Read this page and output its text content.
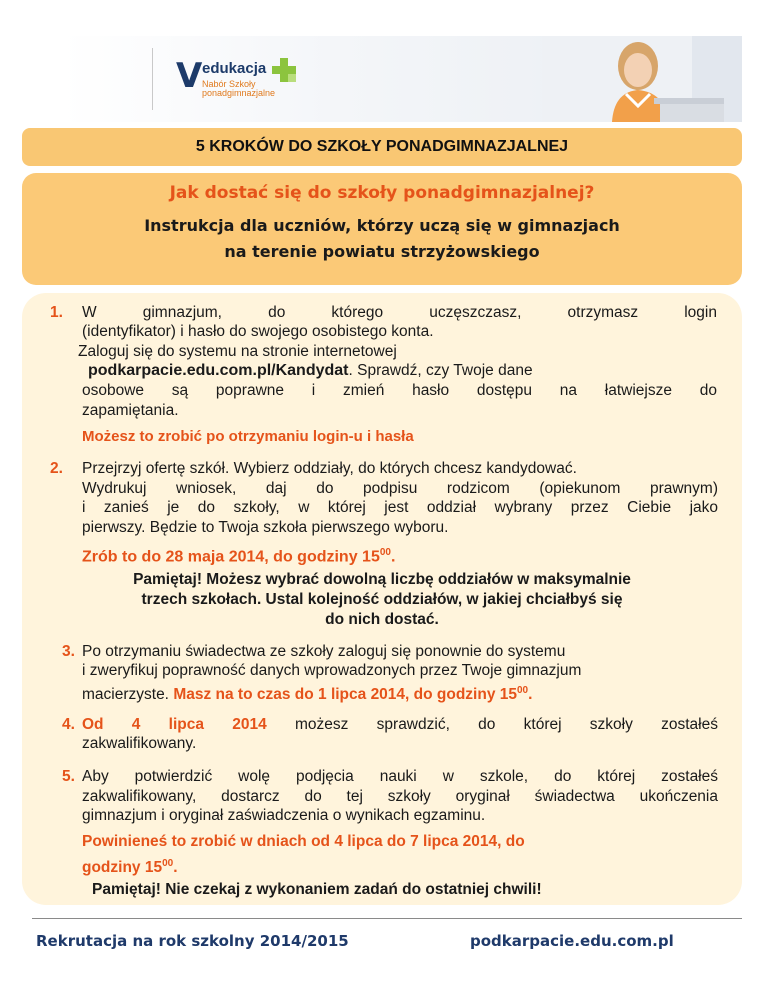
V edukacja
Nabór Szkoły
ponadgimnazjalne
5 KROKÓW DO SZKOŁY PONADGIMNAZJALNEJ
Jak dostać się do szkoły ponadgimnazjalnej?
Instrukcja dla uczniów, którzy uczą się w gimnazjach
na terenie powiatu strzyżowskiego
1. W gimnazjum, do którego uczęszczasz, otrzymasz login
(identyfikator) i hasło do swojego osobistego konta.
Zaloguj się do systemu na stronie internetowej
podkarpacie.edu.com.pl/Kandydat. Sprawdź, czy Twoje dane
osobowe są poprawne i zmień hasło dostępu na łatwiejsze do
zapamiętania.
Możesz to zrobić po otrzymaniu login-u i hasła
2. Przejrzyj ofertę szkół. Wybierz oddziały, do których chcesz kandydować.
Wydrukuj wniosek, daj do podpisu rodzicom (opiekunom prawnym)
i zanieś je do szkoły, w której jest oddział wybrany przez Ciebie jako
pierwszy. Będzie to Twoja szkoła pierwszego wyboru.
Zrób to do 28 maja 2014, do godziny $15^{00}$.
Pamiętaj! Możesz wybrać dowolną liczbę oddziałów w maksymalnie
trzech szkołach. Ustal kolejność oddziałów, w jakiej chciałbyś się
do nich dostać.
3. Po otrzymaniu świadectwa ze szkoły zaloguj się ponownie do systemu
i zweryfikuj poprawność danych wprowadzonych przez Twoje gimnazjum
macierzyste. Masz na to czas do 1 lipca 2014, do godziny $15^{00}$.
4. Od 4 lipca 2014 możesz sprawdzić, do której szkoły zostałeś
zakwalifikowany.
5. Aby potwierdzić wolę podjęcia nauki w szkole, do której zostałeś
zakwalifikowany, dostarcz do tej szkoły oryginał świadectwa ukończenia
gimnazjum i oryginał zaświadczenia o wynikach egzaminu.
Powinieneś to zrobić w dniach od 4 lipca do 7 lipca 2014, do
godziny $15^{00}$.
Pamiętaj! Nie czekaj z wykonaniem zadań do ostatniej chwili!
Rekrutacja na rok szkolny 2014/2015	podkarpacie.edu.com.pl
